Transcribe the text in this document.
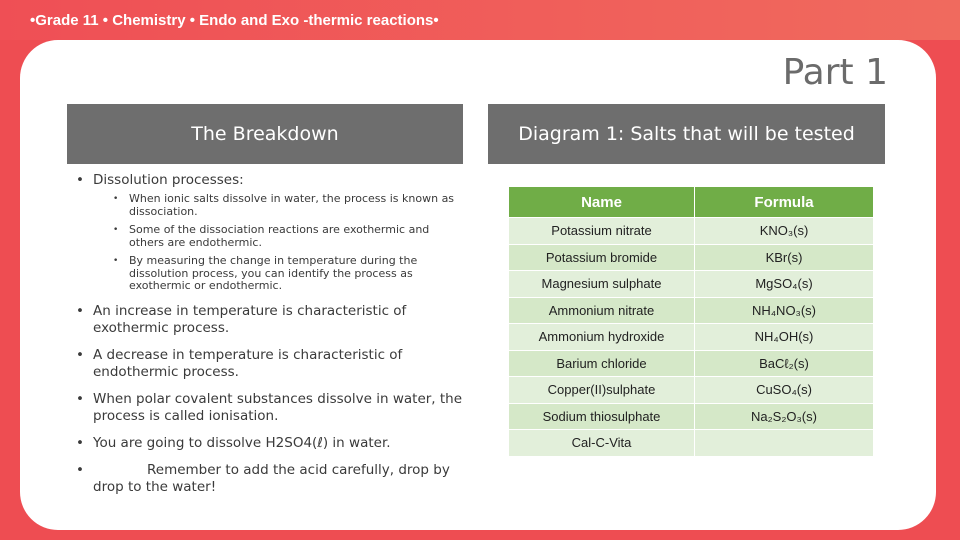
•Grade 11 • Chemistry • Endo and Exo -thermic reactions•
Part 1
The Breakdown	Diagram 1: Salts that will be tested
• Dissolution processes:
• When ionic salts dissolve in water, the process is known as dissociation.
• Some of the dissociation reactions are exothermic and others are endothermic.
• By measuring the change in temperature during the dissolution process, you can identify the process as exothermic or endothermic.
• An increase in temperature is characteristic of exothermic process.
• A decrease in temperature is characteristic of endothermic process.
• When polar covalent substances dissolve in water, the process is called ionisation.
• You are going to dissolve H2SO4(ℓ) in water.
• Remember to add the acid carefully, drop by drop to the water!
Name	Formula
Potassium nitrate	KNO₃(s)
Potassium bromide	KBr(s)
Magnesium sulphate	MgSO₄(s)
Ammonium nitrate	NH₄NO₃(s)
Ammonium hydroxide	NH₄OH(s)
Barium chloride	BaCℓ₂(s)
Copper(II)sulphate	CuSO₄(s)
Sodium thiosulphate	Na₂S₂O₃(s)
Cal-C-Vita	
